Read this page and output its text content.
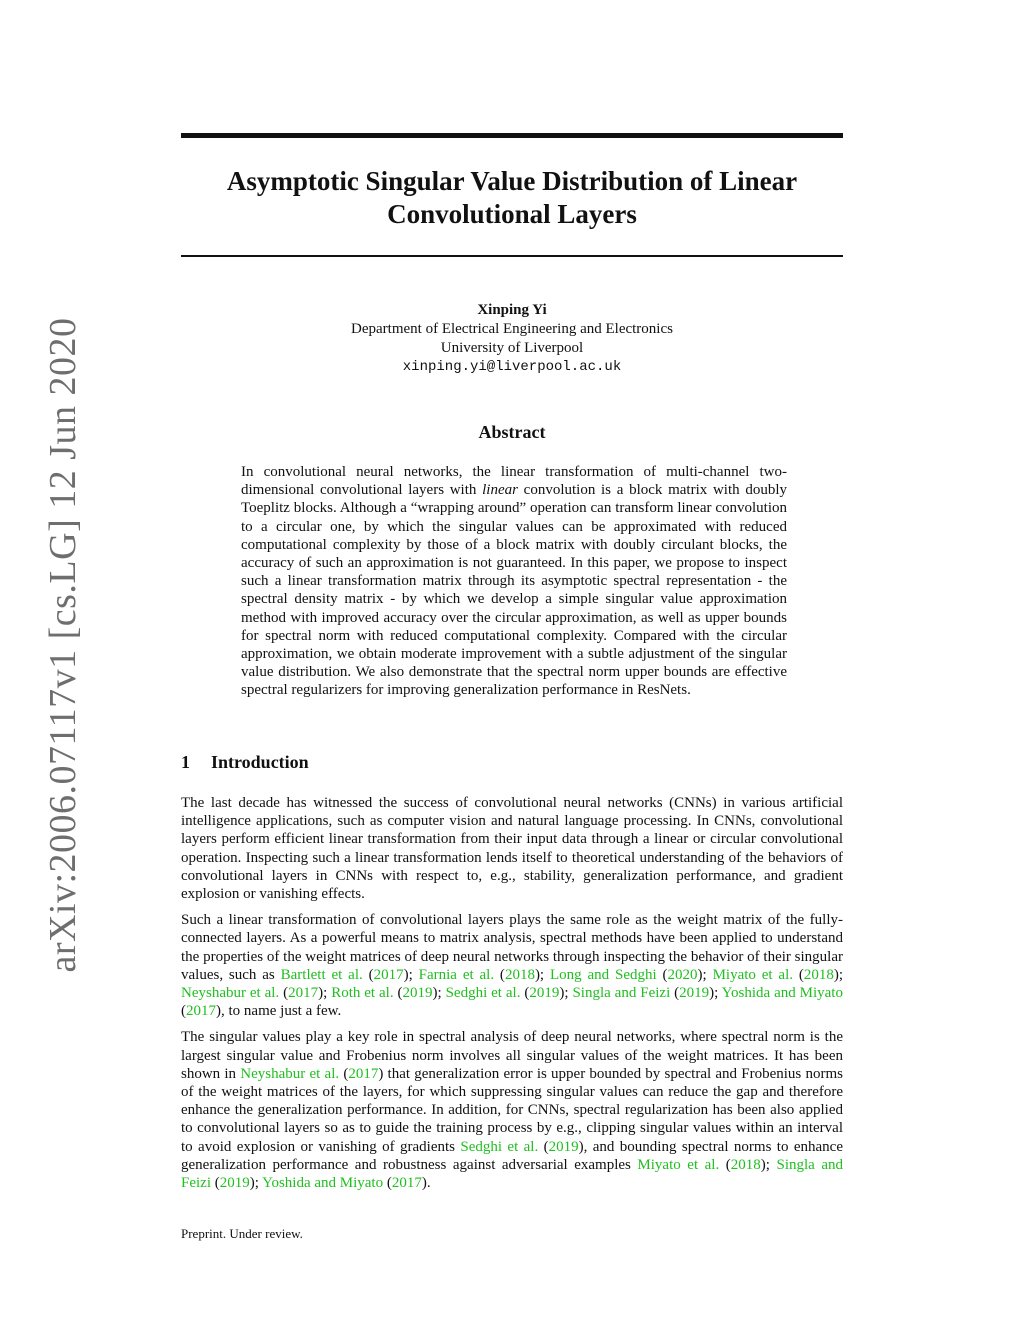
arXiv:2006.07117v1 [cs.LG] 12 Jun 2020
Asymptotic Singular Value Distribution of Linear
Convolutional Layers
Xinping Yi
Department of Electrical Engineering and Electronics
University of Liverpool
xinping.yi@liverpool.ac.uk
Abstract
In convolutional neural networks, the linear transformation of multi-channel two-dimensional convolutional layers with linear convolution is a block matrix with doubly Toeplitz blocks. Although a “wrapping around” operation can transform linear convolution to a circular one, by which the singular values can be approximated with reduced computational complexity by those of a block matrix with doubly circulant blocks, the accuracy of such an approximation is not guaranteed. In this paper, we propose to inspect such a linear transformation matrix through its asymptotic spectral representation - the spectral density matrix - by which we develop a simple singular value approximation method with improved accuracy over the circular approximation, as well as upper bounds for spectral norm with reduced computational complexity. Compared with the circular approximation, we obtain moderate improvement with a subtle adjustment of the singular value distribution. We also demonstrate that the spectral norm upper bounds are effective spectral regularizers for improving generalization performance in ResNets.
1 Introduction

The last decade has witnessed the success of convolutional neural networks (CNNs) in various artificial intelligence applications, such as computer vision and natural language processing. In CNNs, convolutional layers perform efficient linear transformation from their input data through a linear or circular convolutional operation. Inspecting such a linear transformation lends itself to theoretical understanding of the behaviors of convolutional layers in CNNs with respect to, e.g., stability, generalization performance, and gradient explosion or vanishing effects.

Such a linear transformation of convolutional layers plays the same role as the weight matrix of the fully-connected layers. As a powerful means to matrix analysis, spectral methods have been applied to understand the properties of the weight matrices of deep neural networks through inspecting the behavior of their singular values, such as Bartlett et al. (2017); Farnia et al. (2018); Long and Sedghi (2020); Miyato et al. (2018); Neyshabur et al. (2017); Roth et al. (2019); Sedghi et al. (2019); Singla and Feizi (2019); Yoshida and Miyato (2017), to name just a few.

The singular values play a key role in spectral analysis of deep neural networks, where spectral norm is the largest singular value and Frobenius norm involves all singular values of the weight matrices. It has been shown in Neyshabur et al. (2017) that generalization error is upper bounded by spectral and Frobenius norms of the weight matrices of the layers, for which suppressing singular values can reduce the gap and therefore enhance the generalization performance. In addition, for CNNs, spectral regularization has been also applied to convolutional layers so as to guide the training process by e.g., clipping singular values within an interval to avoid explosion or vanishing of gradients Sedghi et al. (2019), and bounding spectral norms to enhance generalization performance and robustness against adversarial examples Miyato et al. (2018); Singla and Feizi (2019); Yoshida and Miyato (2017).

Preprint. Under review.
